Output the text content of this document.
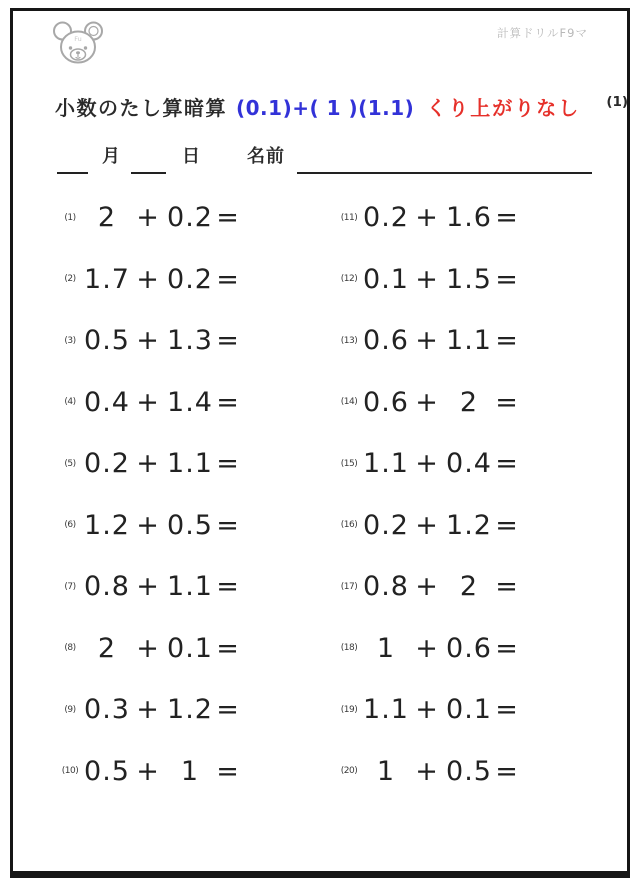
Fu	計算ドリルF9マ
小数のたし算暗算 (0.1)+( 1 )(1.1) くり上がりなし (1)
月	日	名前
(1) 2 + 0.2 =
(2) 1.7 + 0.2 =
(3) 0.5 + 1.3 =
(4) 0.4 + 1.4 =
(5) 0.2 + 1.1 =
(6) 1.2 + 0.5 =
(7) 0.8 + 1.1 =
(8) 2 + 0.1 =
(9) 0.3 + 1.2 =
(10) 0.5 + 1 =
(11) 0.2 + 1.6 =
(12) 0.1 + 1.5 =
(13) 0.6 + 1.1 =
(14) 0.6 + 2 =
(15) 1.1 + 0.4 =
(16) 0.2 + 1.2 =
(17) 0.8 + 2 =
(18) 1 + 0.6 =
(19) 1.1 + 0.1 =
(20) 1 + 0.5 =
